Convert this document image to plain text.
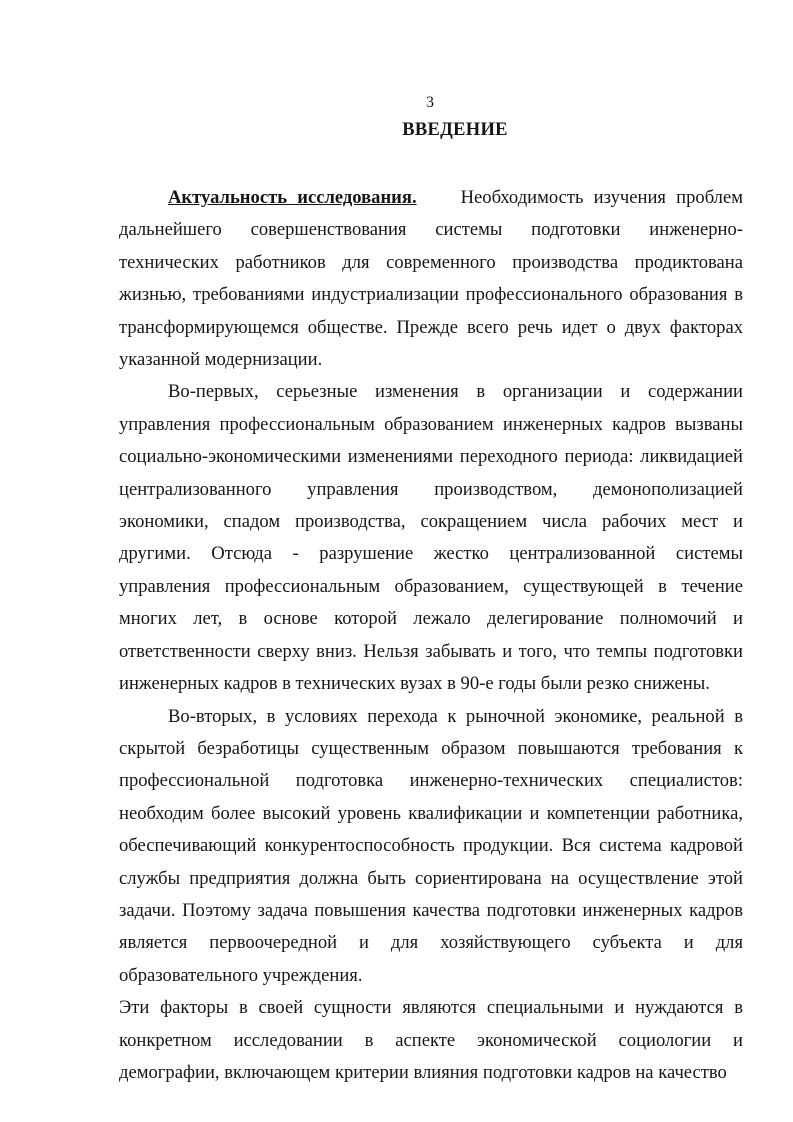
3
ВВЕДЕНИЕ

Актуальность исследования. Необходимость изучения проблем дальнейшего совершенствования системы подготовки инженерно-технических работников для современного производства продиктована жизнью, требованиями индустриализации профессионального образования в трансформирующемся обществе. Прежде всего речь идет о двух факторах указанной модернизации.

Во-первых, серьезные изменения в организации и содержании управления профессиональным образованием инженерных кадров вызваны социально-экономическими изменениями переходного периода: ликвидацией централизованного управления производством, демонополизацией экономики, спадом производства, сокращением числа рабочих мест и другими. Отсюда - разрушение жестко централизованной системы управления профессиональным образованием, существующей в течение многих лет, в основе которой лежало делегирование полномочий и ответственности сверху вниз. Нельзя забывать и того, что темпы подготовки инженерных кадров в технических вузах в 90-е годы были резко снижены.

Во-вторых, в условиях перехода к рыночной экономике, реальной в скрытой безработицы существенным образом повышаются требования к профессиональной подготовка инженерно-технических специалистов: необходим более высокий уровень квалификации и компетенции работника, обеспечивающий конкурентоспособность продукции. Вся система кадровой службы предприятия должна быть сориентирована на осуществление этой задачи. Поэтому задача повышения качества подготовки инженерных кадров является первоочередной и для хозяйствующего субъекта и для образовательного учреждения.

Эти факторы в своей сущности являются специальными и нуждаются в конкретном исследовании в аспекте экономической социологии и демографии, включающем критерии влияния подготовки кадров на качество
